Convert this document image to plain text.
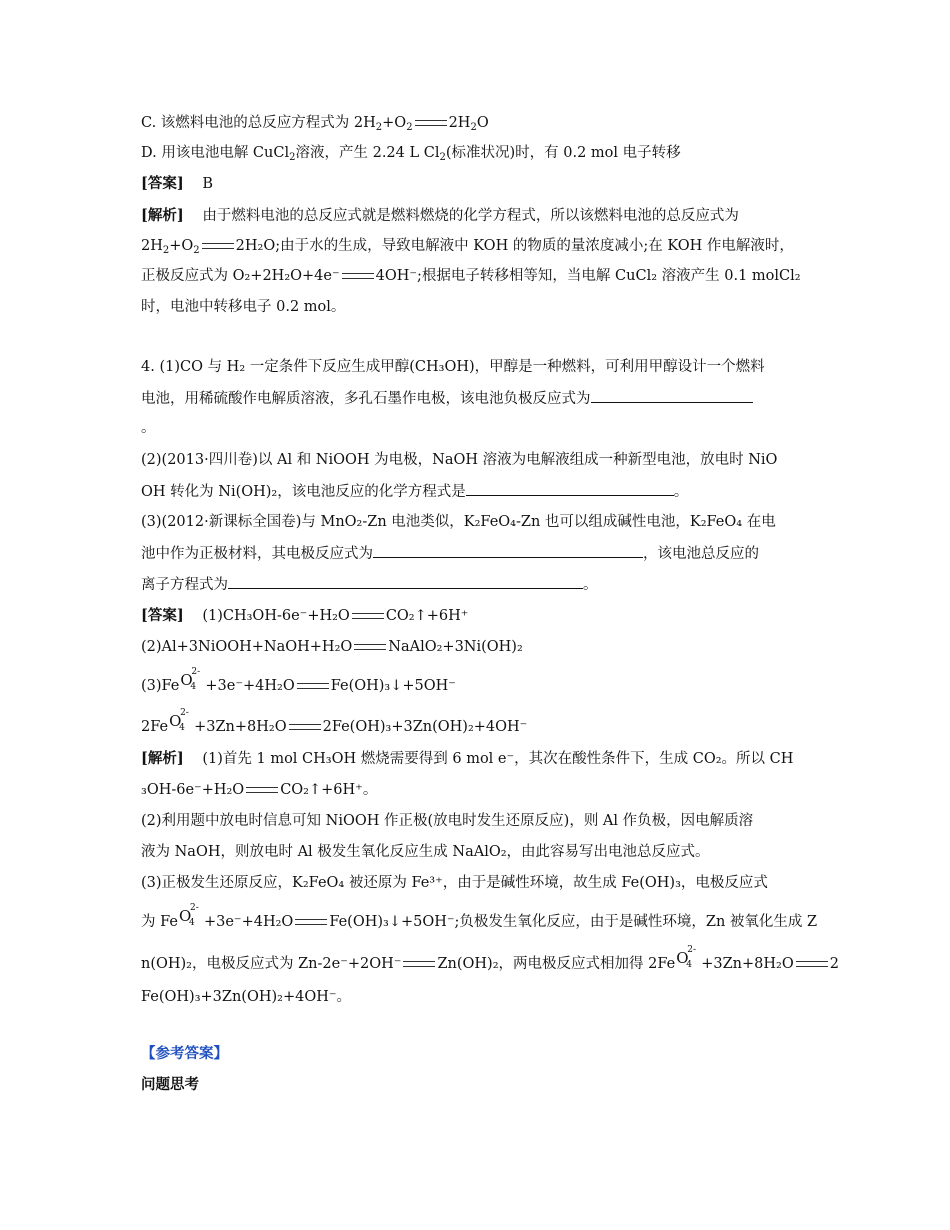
C. 该燃料电池的总反应方程式为 $2H_2+O_2$ $2H_2O$
D. 用该电池电解 CuCl$_2$溶液，产生 2.24 L $Cl_2$(标准状况)时，有 0.2 mol 电子转移
[答案] B
[解析] 由于燃料电池的总反应式就是燃料燃烧的化学方程式，所以该燃料电池的总反应式为
$2H_2+O_2$ 2H₂O;由于水的生成，导致电解液中 KOH 的物质的量浓度减小;在 KOH 作电解液时，
正极反应式为 O₂+2H₂O+4e⁻ 4OH⁻;根据电子转移相等知，当电解 CuCl₂ 溶液产生 0.1 molCl₂
时，电池中转移电子 0.2 mol。
4. (1)CO 与 H₂ 一定条件下反应生成甲醇(CH₃OH)，甲醇是一种燃料，可利用甲醇设计一个燃料
电池，用稀硫酸作电解质溶液，多孔石墨作电极，该电池负极反应式为
。
(2)(2013·四川卷)以 Al 和 NiOOH 为电极，NaOH 溶液为电解液组成一种新型电池，放电时 NiO
OH 转化为 Ni(OH)₂，该电池反应的化学方程式是	。
(3)(2012·新课标全国卷)与 MnO₂-Zn 电池类似，K₂FeO₄-Zn 也可以组成碱性电池，K₂FeO₄ 在电
池中作为正极材料，其电极反应式为	，该电池总反应的
离子方程式为	。
[答案] (1)CH₃OH-6e⁻+H₂O CO₂↑+6H⁺
(2)Al+3NiOOH+NaOH+H₂O NaAlO₂+3Ni(OH)₂
(3)Fe O
4
2-
+3e⁻+4H₂O Fe(OH)₃↓+5OH⁻
2Fe O
4
2-
+3Zn+8H₂O 2Fe(OH)₃+3Zn(OH)₂+4OH⁻
[解析] (1)首先 1 mol CH₃OH 燃烧需要得到 6 mol e⁻，其次在酸性条件下，生成 CO₂。所以 CH
₃OH-6e⁻+H₂O CO₂↑+6H⁺。
(2)利用题中放电时信息可知 NiOOH 作正极(放电时发生还原反应)，则 Al 作负极，因电解质溶
液为 NaOH，则放电时 Al 极发生氧化反应生成 NaAlO₂，由此容易写出电池总反应式。
(3)正极发生还原反应，K₂FeO₄ 被还原为 Fe³⁺，由于是碱性环境，故生成 Fe(OH)₃，电极反应式
为 Fe O
4
2-
+3e⁻+4H₂O Fe(OH)₃↓+5OH⁻;负极发生氧化反应，由于是碱性环境，Zn 被氧化生成 Z
n(OH)₂，电极反应式为 Zn-2e⁻+2OH⁻ Zn(OH)₂，两电极反应式相加得 2Fe O
4
2-
+3Zn+8H₂O 2
Fe(OH)₃+3Zn(OH)₂+4OH⁻。
【参考答案】
问题思考
